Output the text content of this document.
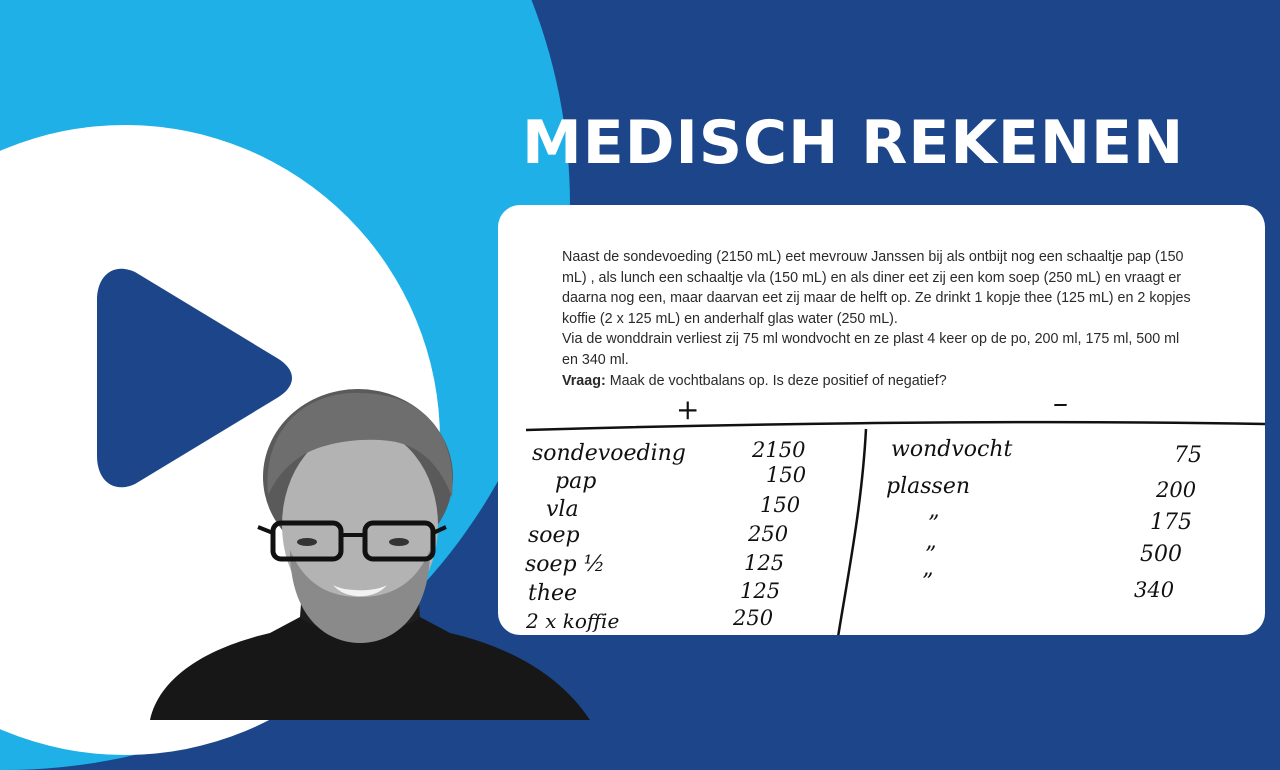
MEDISCH REKENEN

Naast de sondevoeding (2150 mL) eet mevrouw Janssen bij als ontbijt nog een schaaltje pap (150 mL) , als lunch een schaaltje vla (150 mL) en als diner eet zij een kom soep (250 mL) en vraagt er daarna nog een, maar daarvan eet zij maar de helft op. Ze drinkt 1 kopje thee (125 mL) en 2 kopjes koffie (2 x 125 mL) en anderhalf glas water (250 mL).

Via de wonddrain verliest zij 75 ml wondvocht en ze plast 4 keer op de po, 200 ml, 175 ml, 500 ml en 340 ml.

Vraag: Maak de vochtbalans op. Is deze positief of negatief?

+	–
sondevoeding	2150
pap	150
vla	150
soep	250
soep ½	125
thee	125
2 x koffie	250
wondvocht	75
plassen	200
”	175
”	500
”	340
